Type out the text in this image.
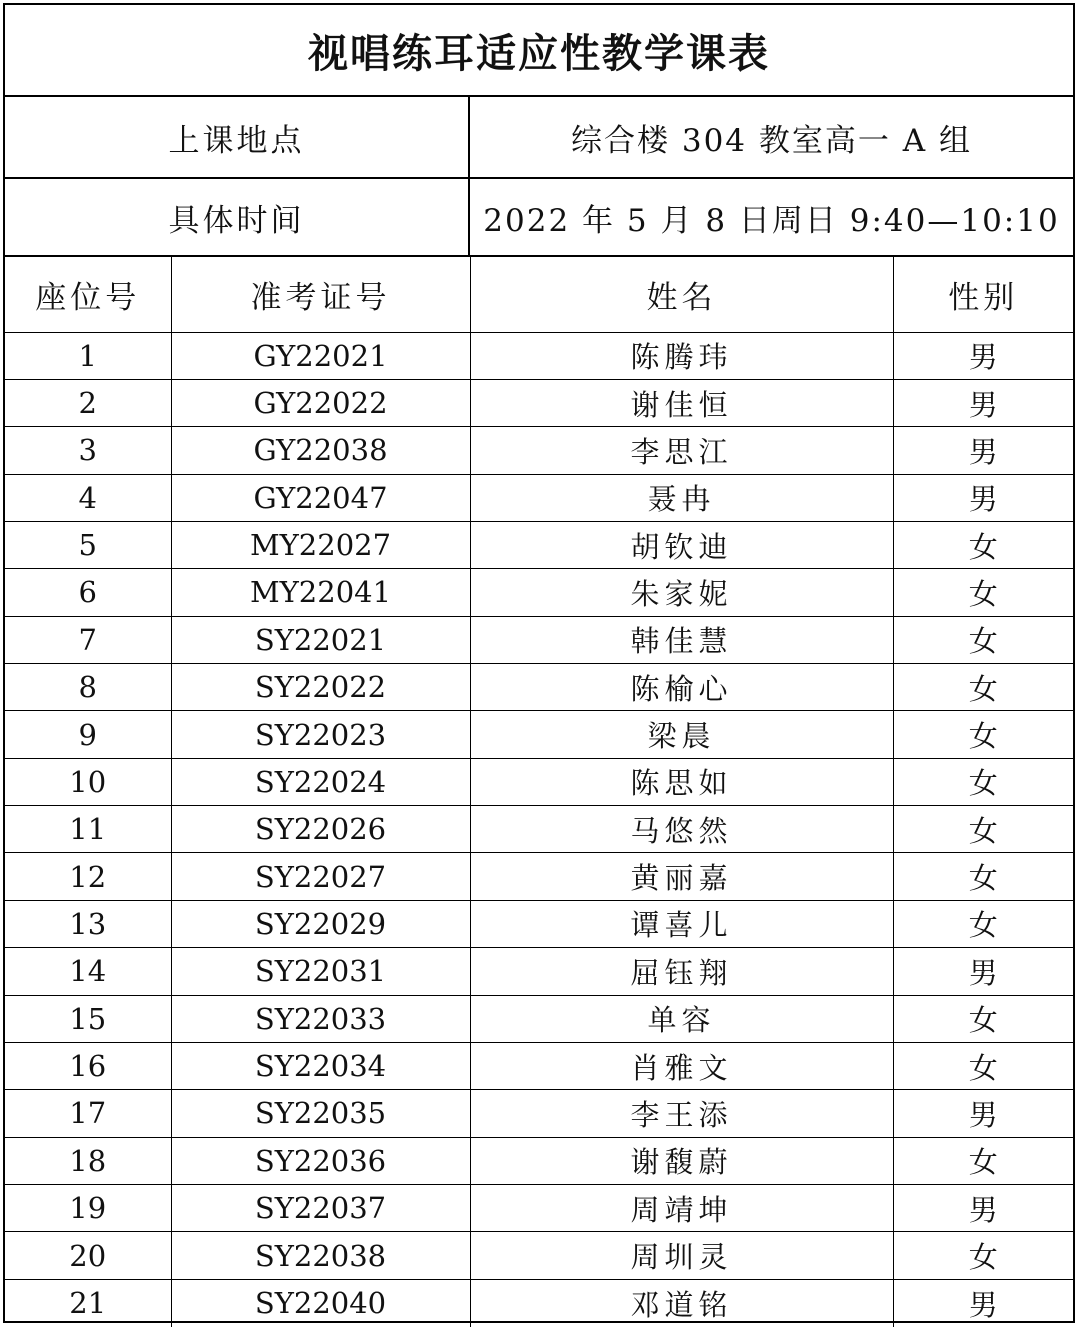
视唱练耳适应性教学课表
上课地点	综合楼 304 教室高一 A 组
具体时间	2022 年 5 月 8 日周日 9:40—10:10
座位号	准考证号	姓名	性别
1	GY22021	陈腾玮	男
2	GY22022	谢佳恒	男
3	GY22038	李思江	男
4	GY22047	聂冉	男
5	MY22027	胡钦迪	女
6	MY22041	朱家妮	女
7	SY22021	韩佳慧	女
8	SY22022	陈榆心	女
9	SY22023	梁晨	女
10	SY22024	陈思如	女
11	SY22026	马悠然	女
12	SY22027	黄丽嘉	女
13	SY22029	谭喜儿	女
14	SY22031	屈钰翔	男
15	SY22033	单容	女
16	SY22034	肖雅文	女
17	SY22035	李王添	男
18	SY22036	谢馥蔚	女
19	SY22037	周靖坤	男
20	SY22038	周圳灵	女
21	SY22040	邓道铭	男
